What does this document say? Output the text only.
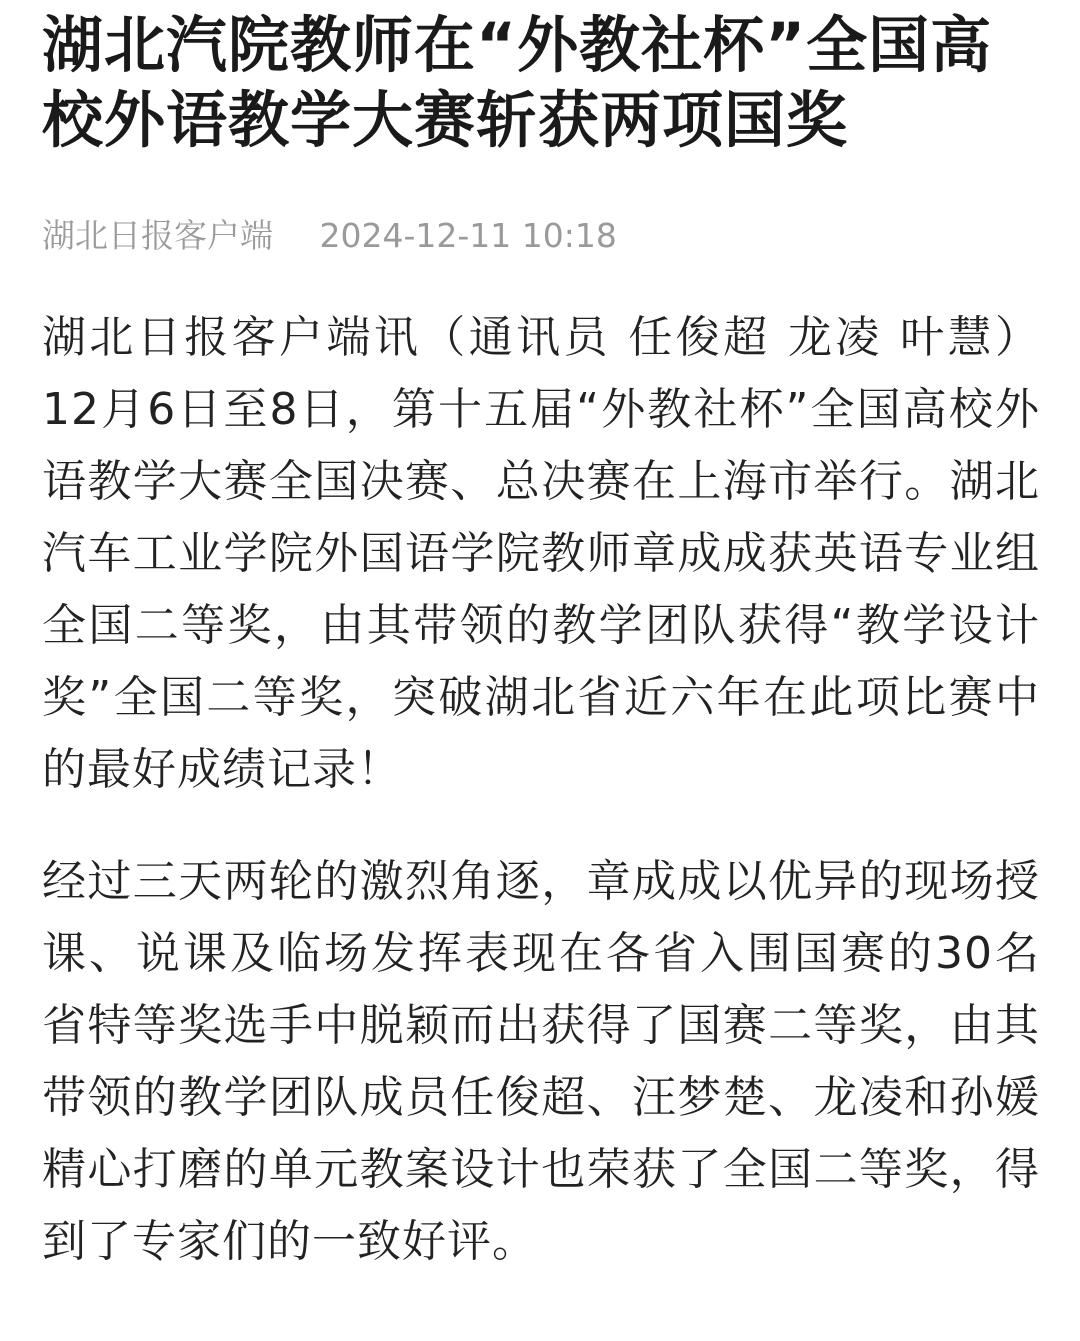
湖北汽院教师在“外教社杯”全国高校外语教学大赛斩获两项国奖
湖北日报客户端 2024-12-11 10:18

湖北日报客户端讯（通讯员 任俊超 龙凌 叶慧）12月6日至8日，第十五届“外教社杯”全国高校外语教学大赛全国决赛、总决赛在上海市举行。湖北汽车工业学院外国语学院教师章成成获英语专业组全国二等奖，由其带领的教学团队获得“教学设计奖”全国二等奖，突破湖北省近六年在此项比赛中的最好成绩记录！

经过三天两轮的激烈角逐，章成成以优异的现场授课、说课及临场发挥表现在各省入围国赛的30名省特等奖选手中脱颖而出获得了国赛二等奖，由其带领的教学团队成员任俊超、汪梦楚、龙凌和孙媛精心打磨的单元教案设计也荣获了全国二等奖，得到了专家们的一致好评。
